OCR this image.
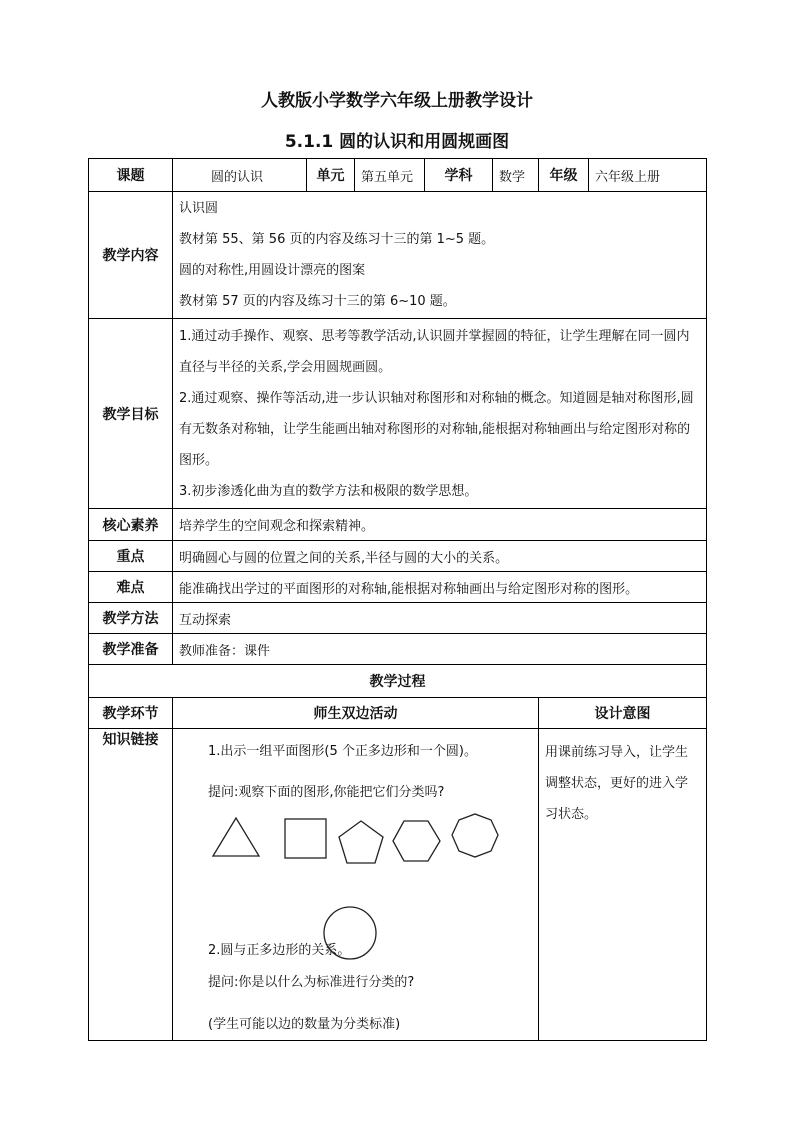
人教版小学数学六年级上册教学设计
5.1.1 圆的认识和用圆规画图
课题	圆的认识	单元	第五单元	学科	数学	年级	六年级上册
教学内容	认识圆
教材第 55、第 56 页的内容及练习十三的第 1~5 题。
圆的对称性,用圆设计漂亮的图案
教材第 57 页的内容及练习十三的第 6~10 题。						

教学目标	1.通过动手操作、观察、思考等教学活动,认识圆并掌握圆的特征，让学生理解在同一圆内直径与半径的关系,学会用圆规画圆。
2.通过观察、操作等活动,进一步认识轴对称图形和对称轴的概念。知道圆是轴对称图形,圆有无数条对称轴，让学生能画出轴对称图形的对称轴,能根据对称轴画出与给定图形对称的图形。
3.初步渗透化曲为直的数学方法和极限的数学思想。						

核心素养	培养学生的空间观念和探索精神。						
重点	明确圆心与圆的位置之间的关系,半径与圆的大小的关系。						
难点	能准确找出学过的平面图形的对称轴,能根据对称轴画出与给定图形对称的图形。						
教学方法	互动探索						
教学准备	教师准备：课件						
教学过程							
教学环节	师生双边活动					设计意图	
知识链接	1.出示一组平面图形(5 个正多边形和一个圆)。
提问:观察下面的图形,你能把它们分类吗?
2.圆与正多边形的关系。
提问:你是以什么为标准进行分类的?
(学生可能以边的数量为分类标准)					用课前练习导入，让学生调整状态，更好的进入学习状态。	
